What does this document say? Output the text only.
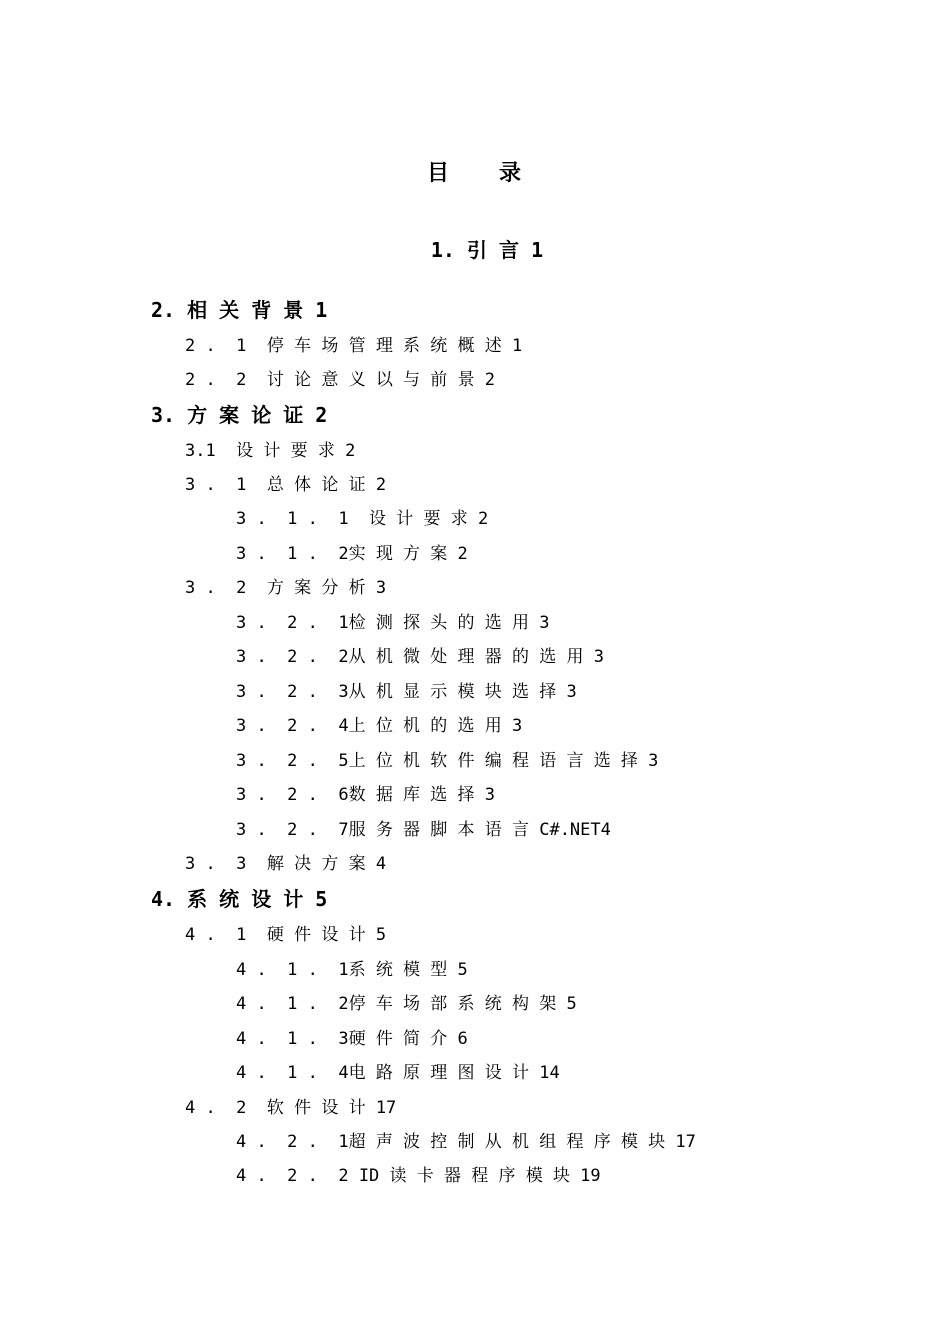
目　　录
1. 引 言 1
2. 相 关 背 景 1
2 .  1  停 车 场 管 理 系 统 概 述 1
2 .  2  讨 论 意 义 以 与 前 景 2
3. 方 案 论 证 2
3.1  设 计 要 求 2
3 .  1  总 体 论 证 2
3 .  1 .  1  设 计 要 求 2
3 .  1 .  2实 现 方 案 2
3 .  2  方 案 分 析 3
3 .  2 .  1检 测 探 头 的 选 用 3
3 .  2 .  2从 机 微 处 理 器 的 选 用 3
3 .  2 .  3从 机 显 示 模 块 选 择 3
3 .  2 .  4上 位 机 的 选 用 3
3 .  2 .  5上 位 机 软 件 编 程 语 言 选 择 3
3 .  2 .  6数 据 库 选 择 3
3 .  2 .  7服 务 器 脚 本 语 言 C#.NET4
3 .  3  解 决 方 案 4
4. 系 统 设 计 5
4 .  1  硬 件 设 计 5
4 .  1 .  1系 统 模 型 5
4 .  1 .  2停 车 场 部 系 统 构 架 5
4 .  1 .  3硬 件 简 介 6
4 .  1 .  4电 路 原 理 图 设 计 14
4 .  2  软 件 设 计 17
4 .  2 .  1超 声 波 控 制 从 机 组 程 序 模 块 17
4 .  2 .  2 ID 读 卡 器 程 序 模 块 19
